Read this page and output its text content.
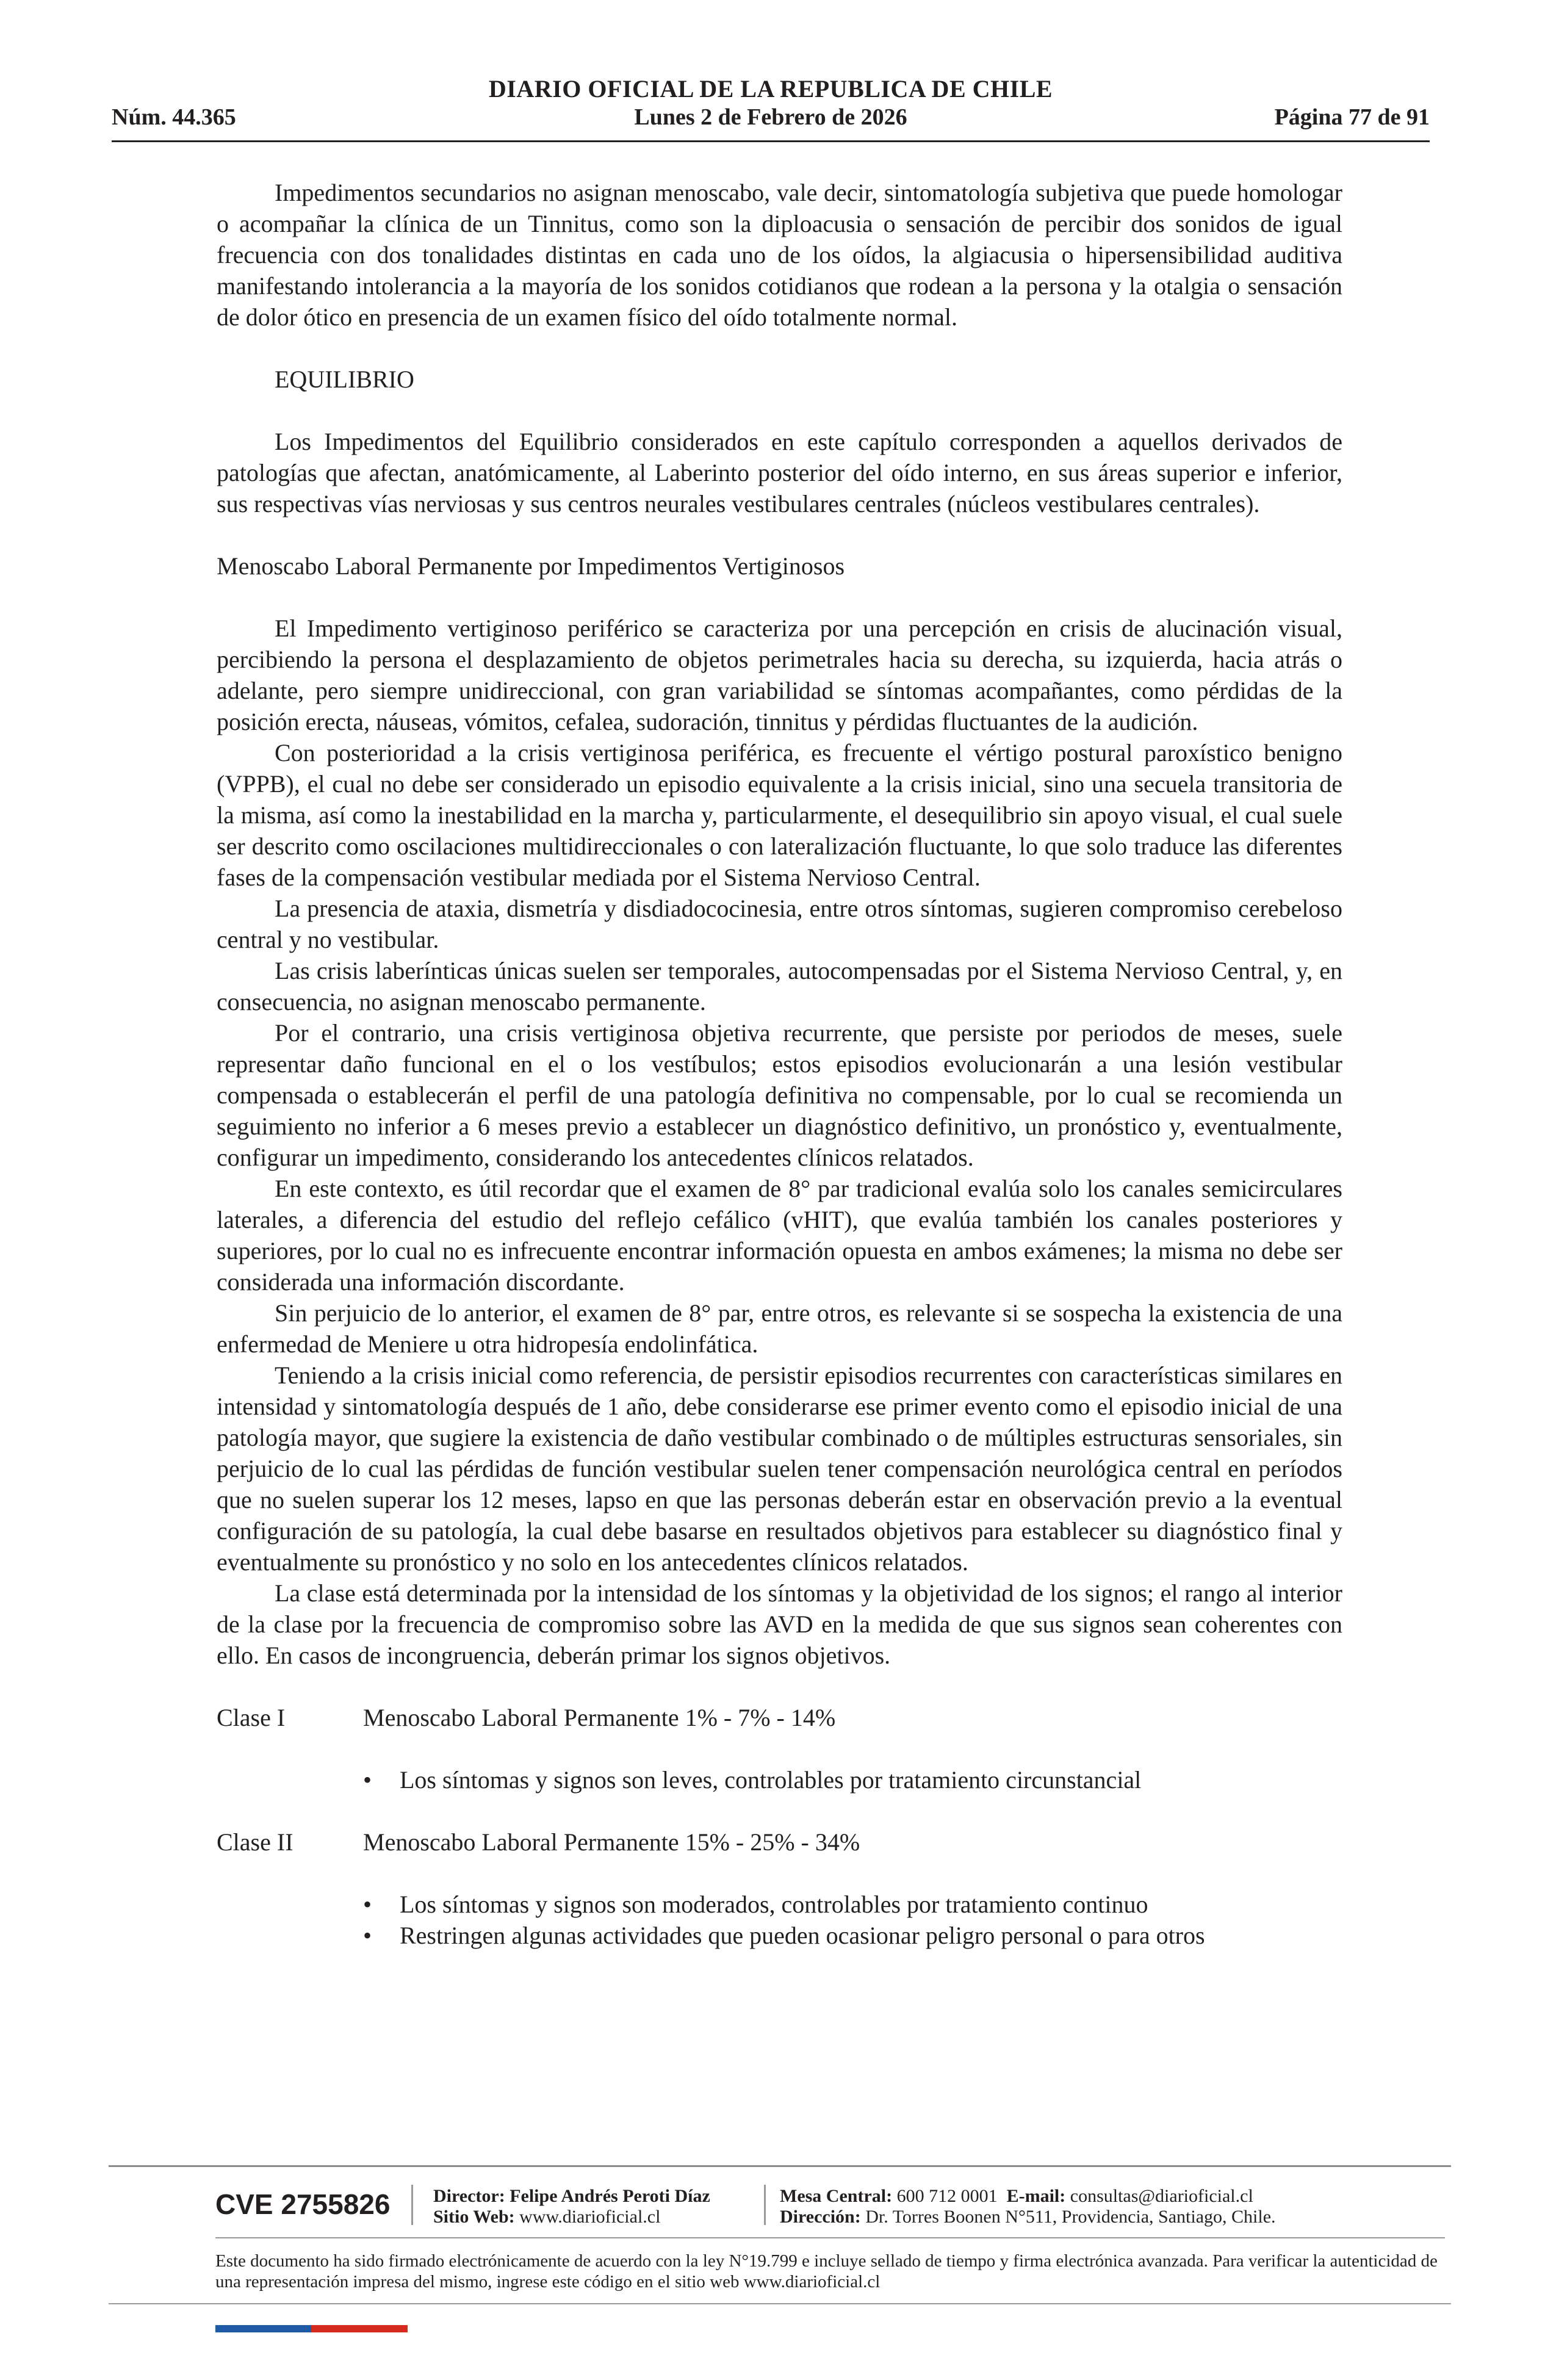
DIARIO OFICIAL DE LA REPUBLICA DE CHILE
Núm. 44.365	Lunes 2 de Febrero de 2026	Página 77 de 91

Impedimentos secundarios no asignan menoscabo, vale decir, sintomatología subjetiva que puede homologar o acompañar la clínica de un Tinnitus, como son la diploacusia o sensación de percibir dos sonidos de igual frecuencia con dos tonalidades distintas en cada uno de los oídos, la algiacusia o hipersensibilidad auditiva manifestando intolerancia a la mayoría de los sonidos cotidianos que rodean a la persona y la otalgia o sensación de dolor ótico en presencia de un examen físico del oído totalmente normal.

EQUILIBRIO

Los Impedimentos del Equilibrio considerados en este capítulo corresponden a aquellos derivados de patologías que afectan, anatómicamente, al Laberinto posterior del oído interno, en sus áreas superior e inferior, sus respectivas vías nerviosas y sus centros neurales vestibulares centrales (núcleos vestibulares centrales).

Menoscabo Laboral Permanente por Impedimentos Vertiginosos

El Impedimento vertiginoso periférico se caracteriza por una percepción en crisis de alucinación visual, percibiendo la persona el desplazamiento de objetos perimetrales hacia su derecha, su izquierda, hacia atrás o adelante, pero siempre unidireccional, con gran variabilidad se síntomas acompañantes, como pérdidas de la posición erecta, náuseas, vómitos, cefalea, sudoración, tinnitus y pérdidas fluctuantes de la audición.

Con posterioridad a la crisis vertiginosa periférica, es frecuente el vértigo postural paroxístico benigno (VPPB), el cual no debe ser considerado un episodio equivalente a la crisis inicial, sino una secuela transitoria de la misma, así como la inestabilidad en la marcha y, particularmente, el desequilibrio sin apoyo visual, el cual suele ser descrito como oscilaciones multidireccionales o con lateralización fluctuante, lo que solo traduce las diferentes fases de la compensación vestibular mediada por el Sistema Nervioso Central.

La presencia de ataxia, dismetría y disdiadococinesia, entre otros síntomas, sugieren compromiso cerebeloso central y no vestibular.

Las crisis laberínticas únicas suelen ser temporales, autocompensadas por el Sistema Nervioso Central, y, en consecuencia, no asignan menoscabo permanente.

Por el contrario, una crisis vertiginosa objetiva recurrente, que persiste por periodos de meses, suele representar daño funcional en el o los vestíbulos; estos episodios evolucionarán a una lesión vestibular compensada o establecerán el perfil de una patología definitiva no compensable, por lo cual se recomienda un seguimiento no inferior a 6 meses previo a establecer un diagnóstico definitivo, un pronóstico y, eventualmente, configurar un impedimento, considerando los antecedentes clínicos relatados.

En este contexto, es útil recordar que el examen de 8° par tradicional evalúa solo los canales semicirculares laterales, a diferencia del estudio del reflejo cefálico (vHIT), que evalúa también los canales posteriores y superiores, por lo cual no es infrecuente encontrar información opuesta en ambos exámenes; la misma no debe ser considerada una información discordante.

Sin perjuicio de lo anterior, el examen de 8° par, entre otros, es relevante si se sospecha la existencia de una enfermedad de Meniere u otra hidropesía endolinfática.

Teniendo a la crisis inicial como referencia, de persistir episodios recurrentes con características similares en intensidad y sintomatología después de 1 año, debe considerarse ese primer evento como el episodio inicial de una patología mayor, que sugiere la existencia de daño vestibular combinado o de múltiples estructuras sensoriales, sin perjuicio de lo cual las pérdidas de función vestibular suelen tener compensación neurológica central en períodos que no suelen superar los 12 meses, lapso en que las personas deberán estar en observación previo a la eventual configuración de su patología, la cual debe basarse en resultados objetivos para establecer su diagnóstico final y eventualmente su pronóstico y no solo en los antecedentes clínicos relatados.

La clase está determinada por la intensidad de los síntomas y la objetividad de los signos; el rango al interior de la clase por la frecuencia de compromiso sobre las AVD en la medida de que sus signos sean coherentes con ello. En casos de incongruencia, deberán primar los signos objetivos.

Clase I	Menoscabo Laboral Permanente 1% - 7% - 14%
• Los síntomas y signos son leves, controlables por tratamiento circunstancial
Clase II	Menoscabo Laboral Permanente 15% - 25% - 34%
• Los síntomas y signos son moderados, controlables por tratamiento continuo
• Restringen algunas actividades que pueden ocasionar peligro personal o para otros
CVE 2755826 Director: Felipe Andrés Peroti Díaz
Sitio Web: www.diarioficial.cl
Mesa Central: 600 712 0001 E-mail: consultas@diarioficial.cl
Dirección: Dr. Torres Boonen N°511, Providencia, Santiago, Chile.
Este documento ha sido firmado electrónicamente de acuerdo con la ley N°19.799 e incluye sellado de tiempo y firma electrónica avanzada. Para verificar la autenticidad de una representación impresa del mismo, ingrese este código en el sitio web www.diarioficial.cl
